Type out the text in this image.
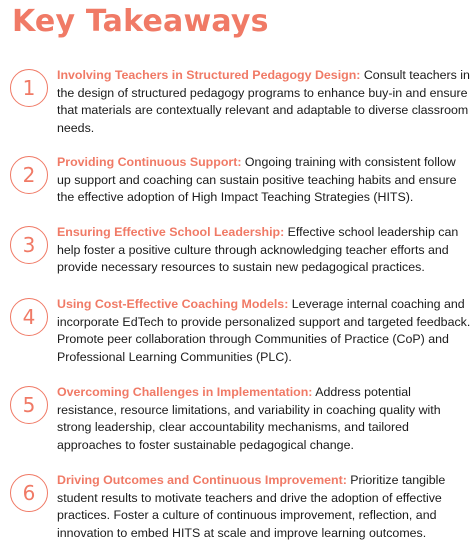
Key Takeaways
1
Involving Teachers in Structured Pedagogy Design: Consult teachers in the design of structured pedagogy programs to enhance buy-in and ensure that materials are contextually relevant and adaptable to diverse classroom needs.
2
Providing Continuous Support: Ongoing training with consistent follow up support and coaching can sustain positive teaching habits and ensure the effective adoption of High Impact Teaching Strategies (HITS).
3
Ensuring Effective School Leadership: Effective school leadership can help foster a positive culture through acknowledging teacher efforts and provide necessary resources to sustain new pedagogical practices.
4
Using Cost-Effective Coaching Models: Leverage internal coaching and incorporate EdTech to provide personalized support and targeted feedback. Promote peer collaboration through Communities of Practice (CoP) and Professional Learning Communities (PLC).
5
Overcoming Challenges in Implementation: Address potential resistance, resource limitations, and variability in coaching quality with strong leadership, clear accountability mechanisms, and tailored approaches to foster sustainable pedagogical change.
6
Driving Outcomes and Continuous Improvement: Prioritize tangible student results to motivate teachers and drive the adoption of effective practices. Foster a culture of continuous improvement, reflection, and innovation to embed HITS at scale and improve learning outcomes.
